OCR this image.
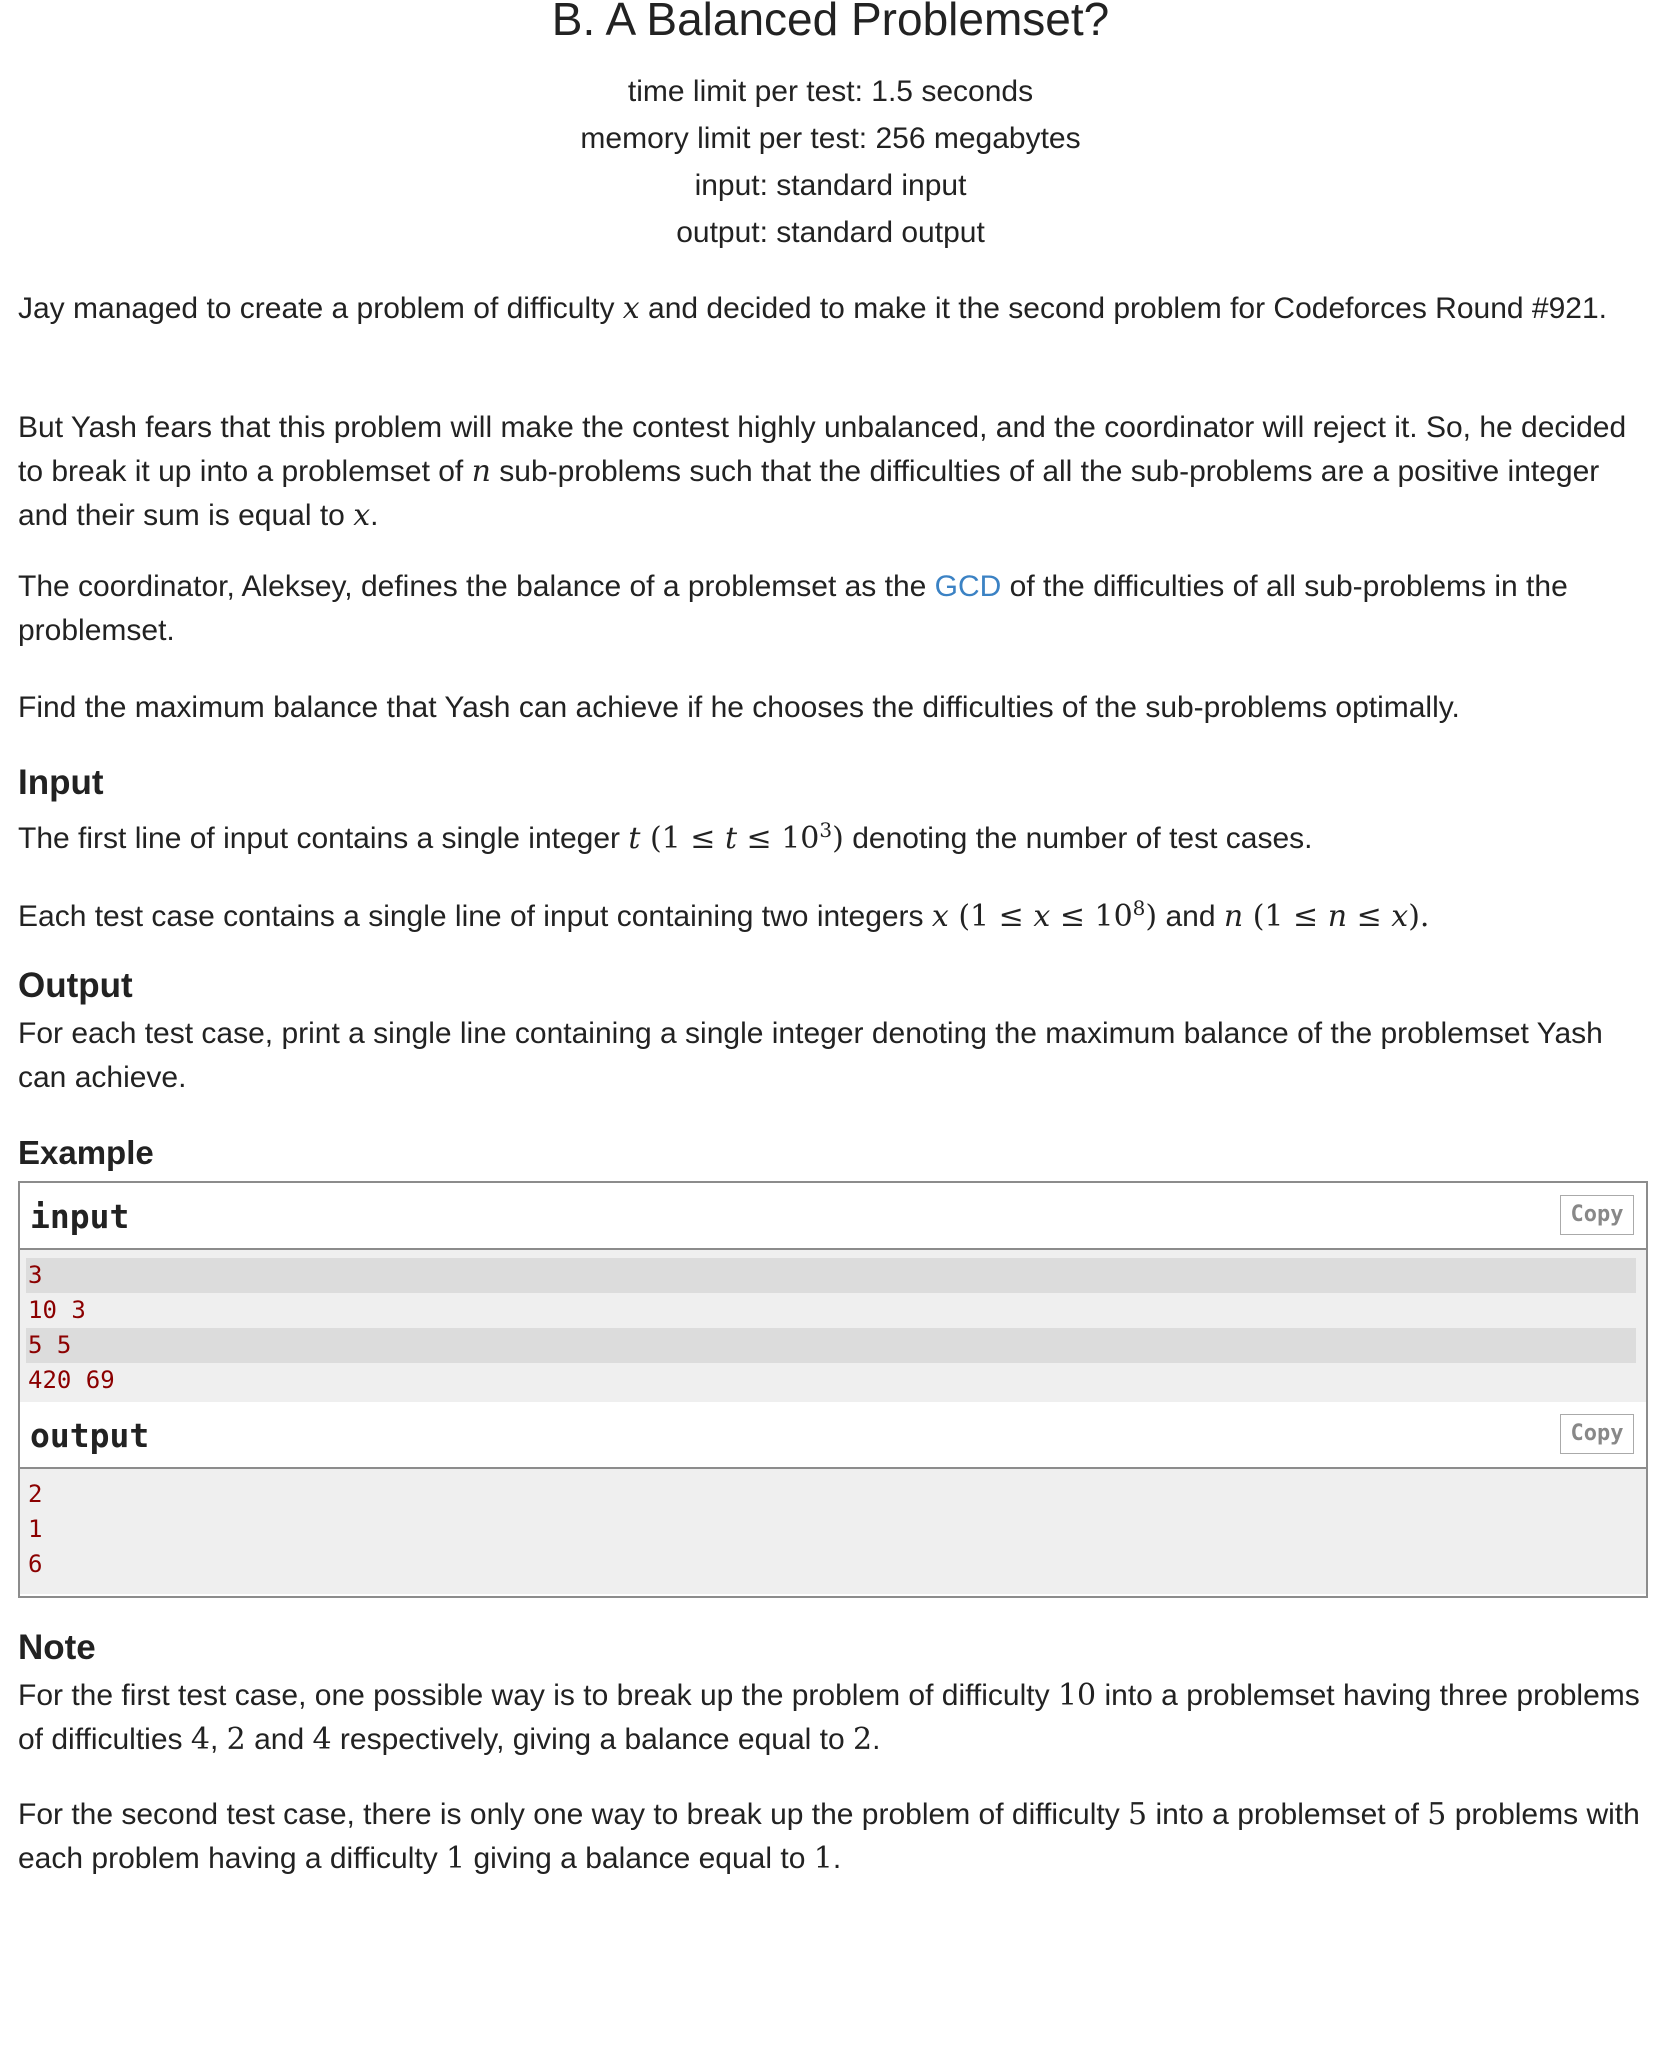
B. A Balanced Problemset?
time limit per test: 1.5 seconds
memory limit per test: 256 megabytes
input: standard input
output: standard output

Jay managed to create a problem of difficulty x and decided to make it the second problem for Codeforces Round #921.

But Yash fears that this problem will make the contest highly unbalanced, and the coordinator will reject it. So, he decided to break it up into a problemset of n sub-problems such that the difficulties of all the sub-problems are a positive integer and their sum is equal to x.

The coordinator, Aleksey, defines the balance of a problemset as the GCD of the difficulties of all sub-problems in the problemset.

Find the maximum balance that Yash can achieve if he chooses the difficulties of the sub-problems optimally.

Input

The first line of input contains a single integer t $(1 \le t \le 10^3)$ denoting the number of test cases.

Each test case contains a single line of input containing two integers x $(1 \le x \le 10^8)$ and n (1 ≤ n ≤ x).

Output

For each test case, print a single line containing a single integer denoting the maximum balance of the problemset Yash can achieve.

Example
input	Copy
3
10 3
5 5
420 69
output	Copy
2
1
6
Note

For the first test case, one possible way is to break up the problem of difficulty 10 into a problemset having three problems of difficulties 4, 2 and 4 respectively, giving a balance equal to 2.

For the second test case, there is only one way to break up the problem of difficulty 5 into a problemset of 5 problems with each problem having a difficulty 1 giving a balance equal to 1.
